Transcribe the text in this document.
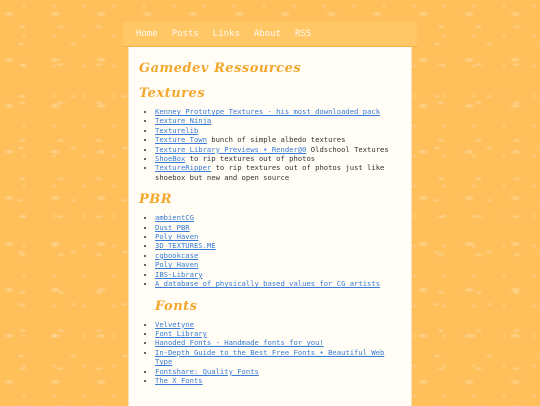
Home Posts Links About RSS
Gamedev Ressources
Textures
• Kenney Prototype Textures - his most downloaded pack
• Texture Ninja
• Texturelib
• Texture Town bunch of simple albedo textures
• Texture Library Previews • Render@0 Oldschool Textures
• ShoeBox to rip textures out of photos
• TextureRipper to rip textures out of photos just like shoebox but new and open source
PBR
• ambientCG
• Dust PBR
• Poly Haven
• 3D TEXTURES.ME
• cgbookcase
• Poly Haven
• IBS-Library
• A database of physically based values for CG artists
Fonts
• Velvetyne
• Font Library
• Hanoded Fonts - Handmade fonts for you!
• In-Depth Guide to the Best Free Fonts • Beautiful Web Type
• Fontshare: Quality Fonts
• The X Fonts
